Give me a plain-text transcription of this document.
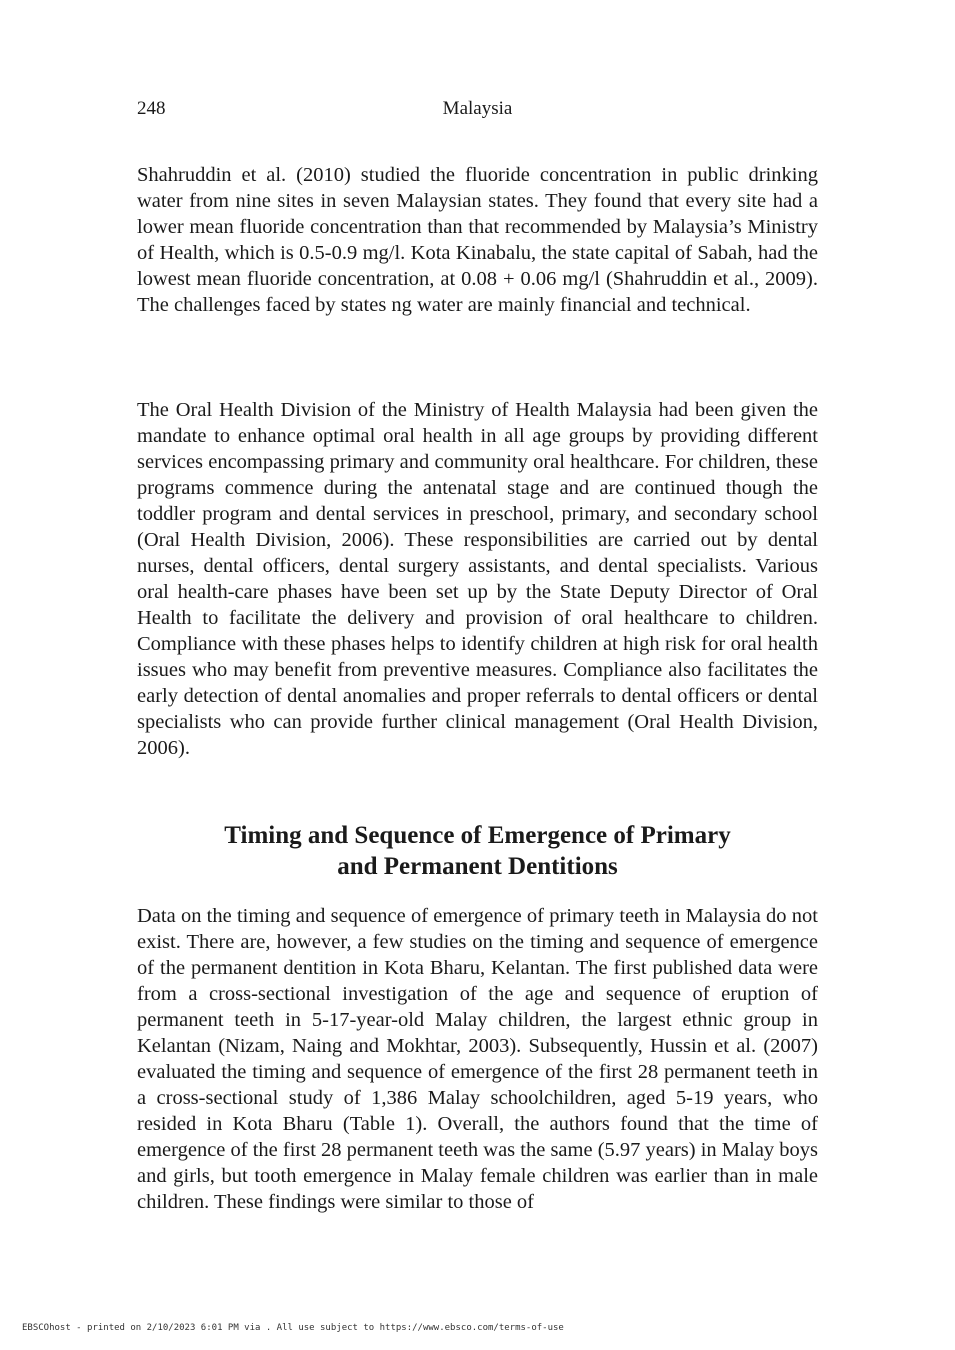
248	Malaysia

Shahruddin et al. (2010) studied the fluoride concentration in public drinking water from nine sites in seven Malaysian states. They found that every site had a lower mean fluoride concentration than that recommended by Malaysia’s Ministry of Health, which is 0.5-0.9 mg/l. Kota Kinabalu, the state capital of Sabah, had the lowest mean fluoride concentration, at 0.08 + 0.06 mg/l (Shahruddin et al., 2009). The challenges faced by states ng water are mainly financial and technical.

The Oral Health Division of the Ministry of Health Malaysia had been given the mandate to enhance optimal oral health in all age groups by providing different services encompassing primary and community oral healthcare. For children, these programs commence during the antenatal stage and are continued though the toddler program and dental services in preschool, primary, and secondary school (Oral Health Division, 2006). These responsibilities are carried out by dental nurses, dental officers, dental surgery assistants, and dental specialists. Various oral health-care phases have been set up by the State Deputy Director of Oral Health to facilitate the delivery and provision of oral healthcare to children. Compliance with these phases helps to identify children at high risk for oral health issues who may benefit from preventive measures. Compliance also facilitates the early detection of dental anomalies and proper referrals to dental officers or dental specialists who can provide further clinical management (Oral Health Division, 2006).

Timing and Sequence of Emergence of Primary
and Permanent Dentitions

Data on the timing and sequence of emergence of primary teeth in Malaysia do not exist. There are, however, a few studies on the timing and sequence of emergence of the permanent dentition in Kota Bharu, Kelantan. The first published data were from a cross-sectional investigation of the age and sequence of eruption of permanent teeth in 5-17-year-old Malay children, the largest ethnic group in Kelantan (Nizam, Naing and Mokhtar, 2003). Subsequently, Hussin et al. (2007) evaluated the timing and sequence of emergence of the first 28 permanent teeth in a cross-sectional study of 1,386 Malay schoolchildren, aged 5-19 years, who resided in Kota Bharu (Table 1). Overall, the authors found that the time of emergence of the first 28 permanent teeth was the same (5.97 years) in Malay boys and girls, but tooth emergence in Malay female children was earlier than in male children. These findings were similar to those of

EBSCOhost - printed on 2/10/2023 6:01 PM via . All use subject to https://www.ebsco.com/terms-of-use
